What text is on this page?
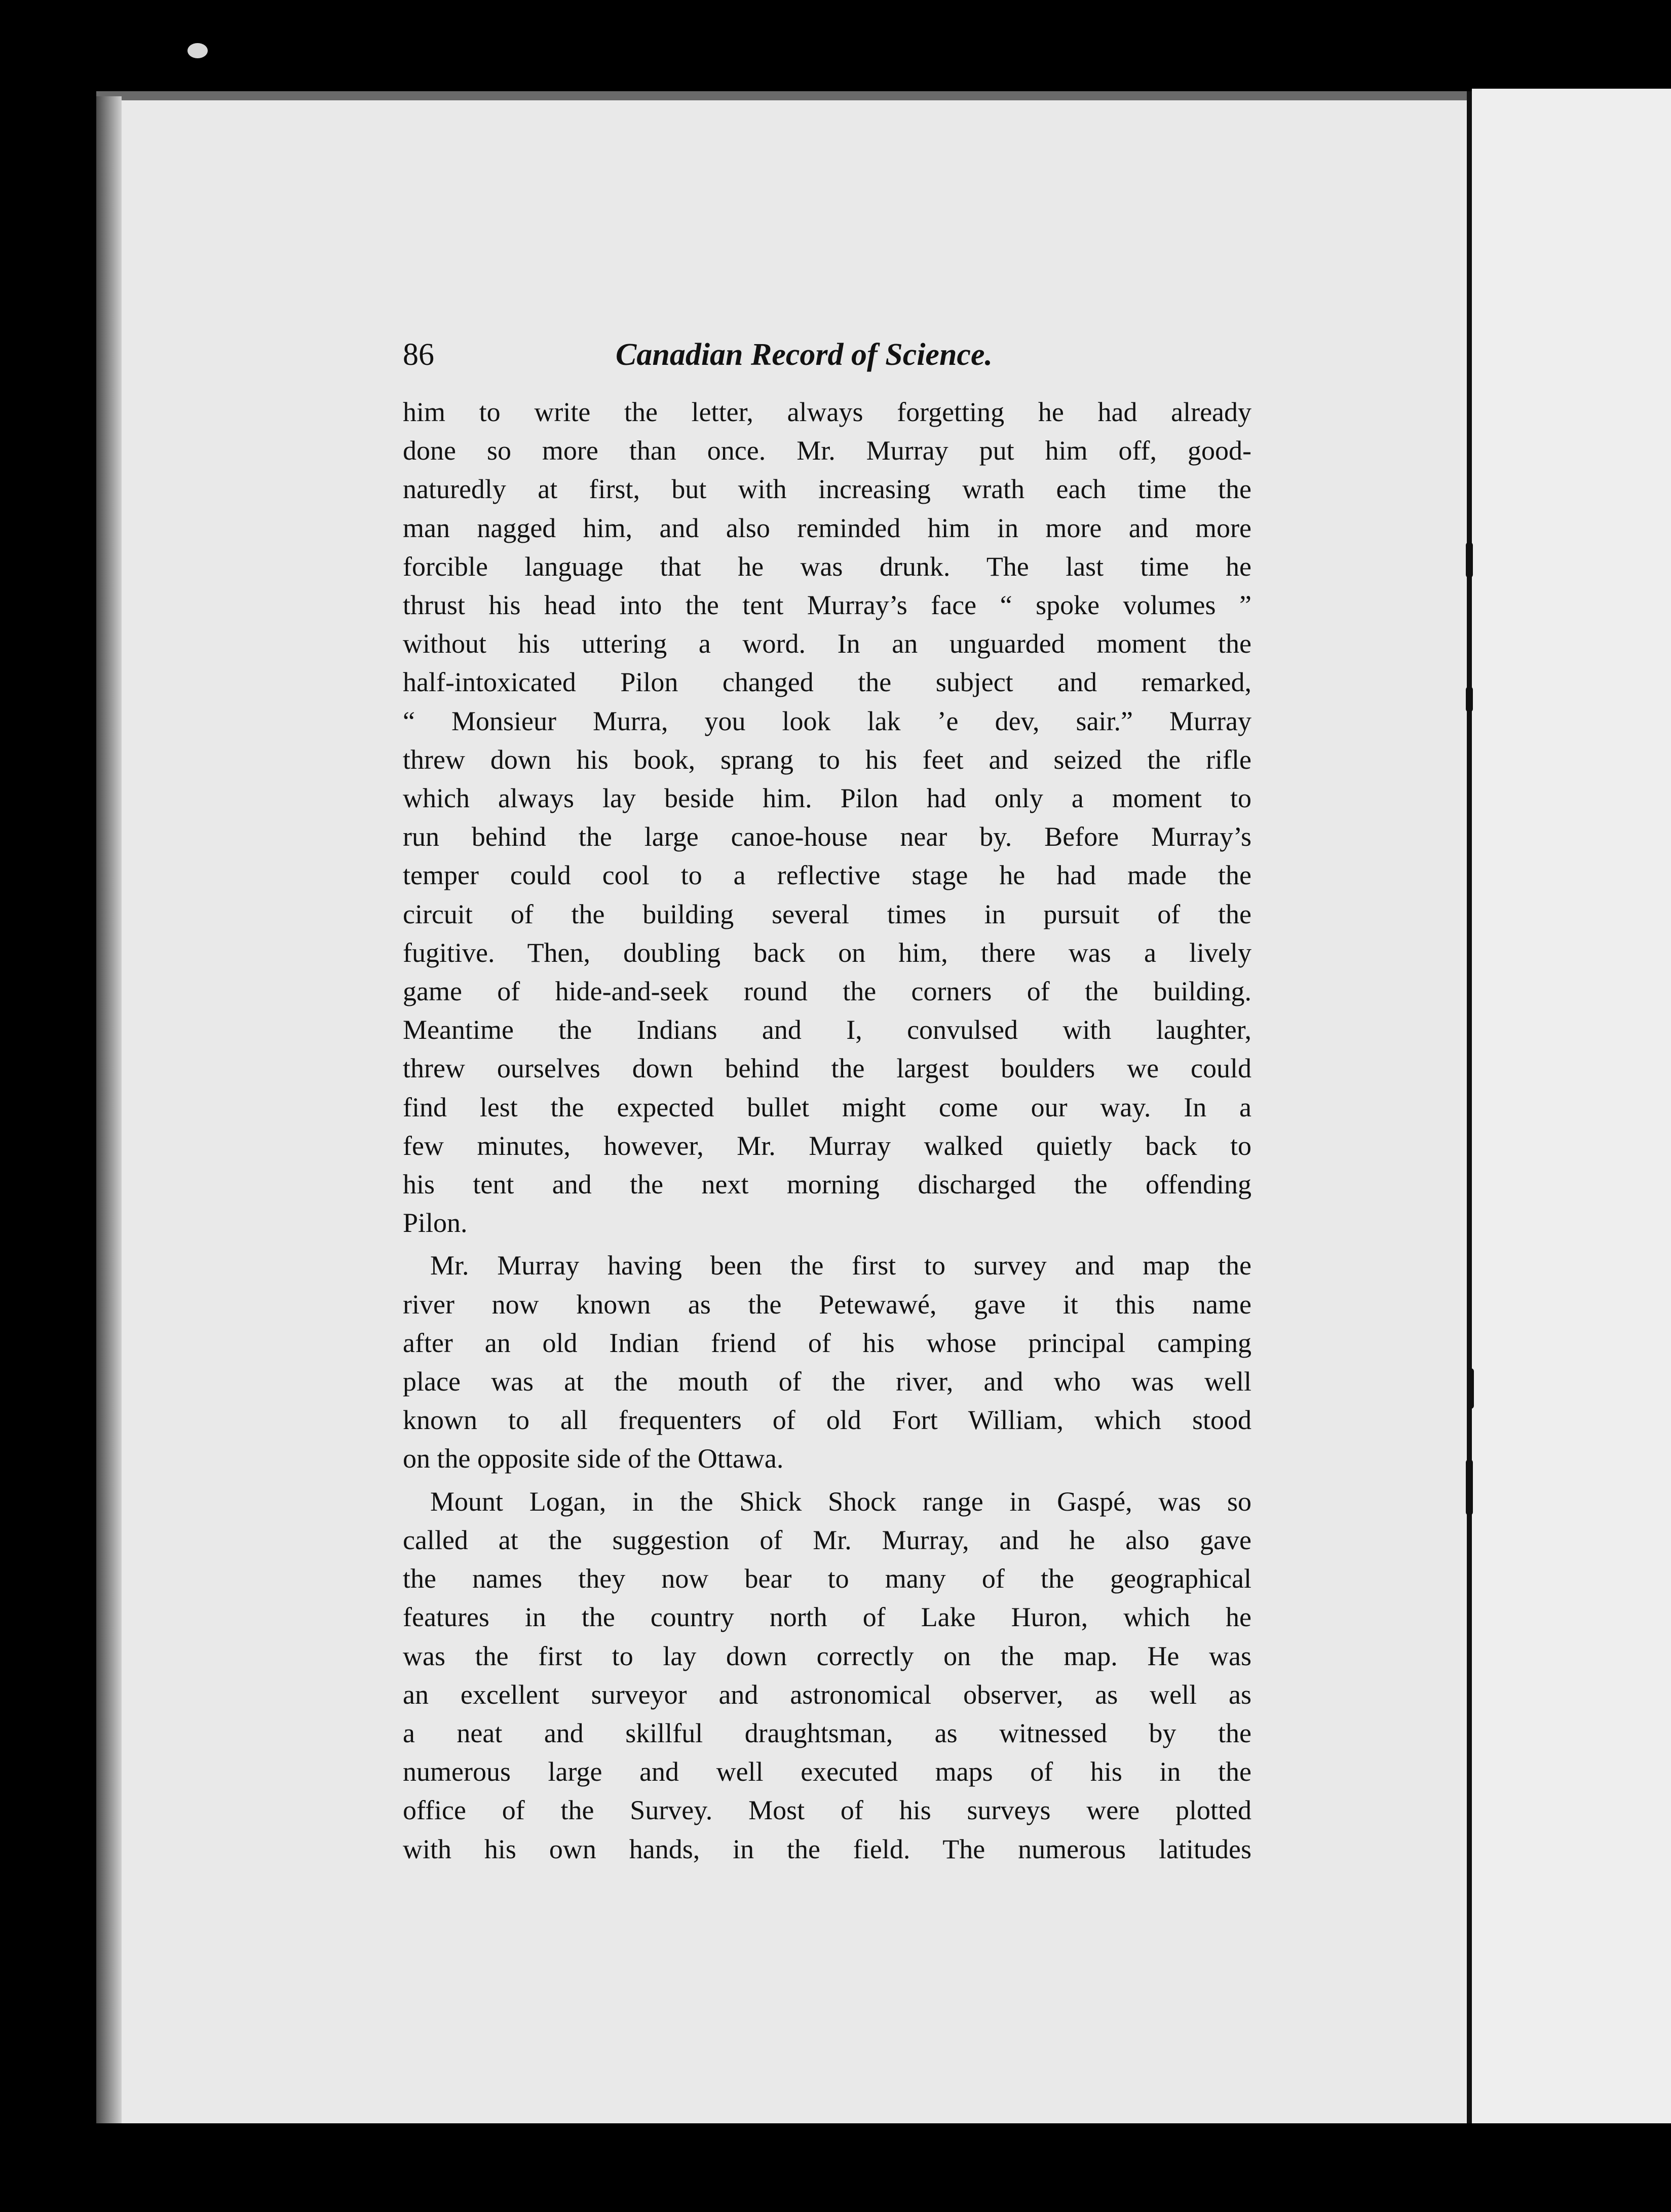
86	Canadian Record of Science.
him to write the letter, always forgetting he had already
done so more than once. Mr. Murray put him off, good-
naturedly at first, but with increasing wrath each time the
man nagged him, and also reminded him in more and more
forcible language that he was drunk. The last time he
thrust his head into the tent Murray’s face “ spoke volumes ”
without his uttering a word. In an unguarded moment the
half-intoxicated Pilon changed the subject and remarked,
“ Monsieur Murra, you look lak ’e dev, sair.” Murray
threw down his book, sprang to his feet and seized the rifle
which always lay beside him. Pilon had only a moment to
run behind the large canoe-house near by. Before Murray’s
temper could cool to a reflective stage he had made the
circuit of the building several times in pursuit of the
fugitive. Then, doubling back on him, there was a lively
game of hide-and-seek round the corners of the building.
Meantime the Indians and I, convulsed with laughter,
threw ourselves down behind the largest boulders we could
find lest the expected bullet might come our way. In a
few minutes, however, Mr. Murray walked quietly back to
his tent and the next morning discharged the offending
Pilon.
 Mr. Murray having been the first to survey and map the
river now known as the Petewawé, gave it this name
after an old Indian friend of his whose principal camping
place was at the mouth of the river, and who was well
known to all frequenters of old Fort William, which stood
on the opposite side of the Ottawa.
 Mount Logan, in the Shick Shock range in Gaspé, was so
called at the suggestion of Mr. Murray, and he also gave
the names they now bear to many of the geographical
features in the country north of Lake Huron, which he
was the first to lay down correctly on the map. He was
an excellent surveyor and astronomical observer, as well as
a neat and skillful draughtsman, as witnessed by the
numerous large and well executed maps of his in the
office of the Survey. Most of his surveys were plotted
with his own hands, in the field. The numerous latitudes
